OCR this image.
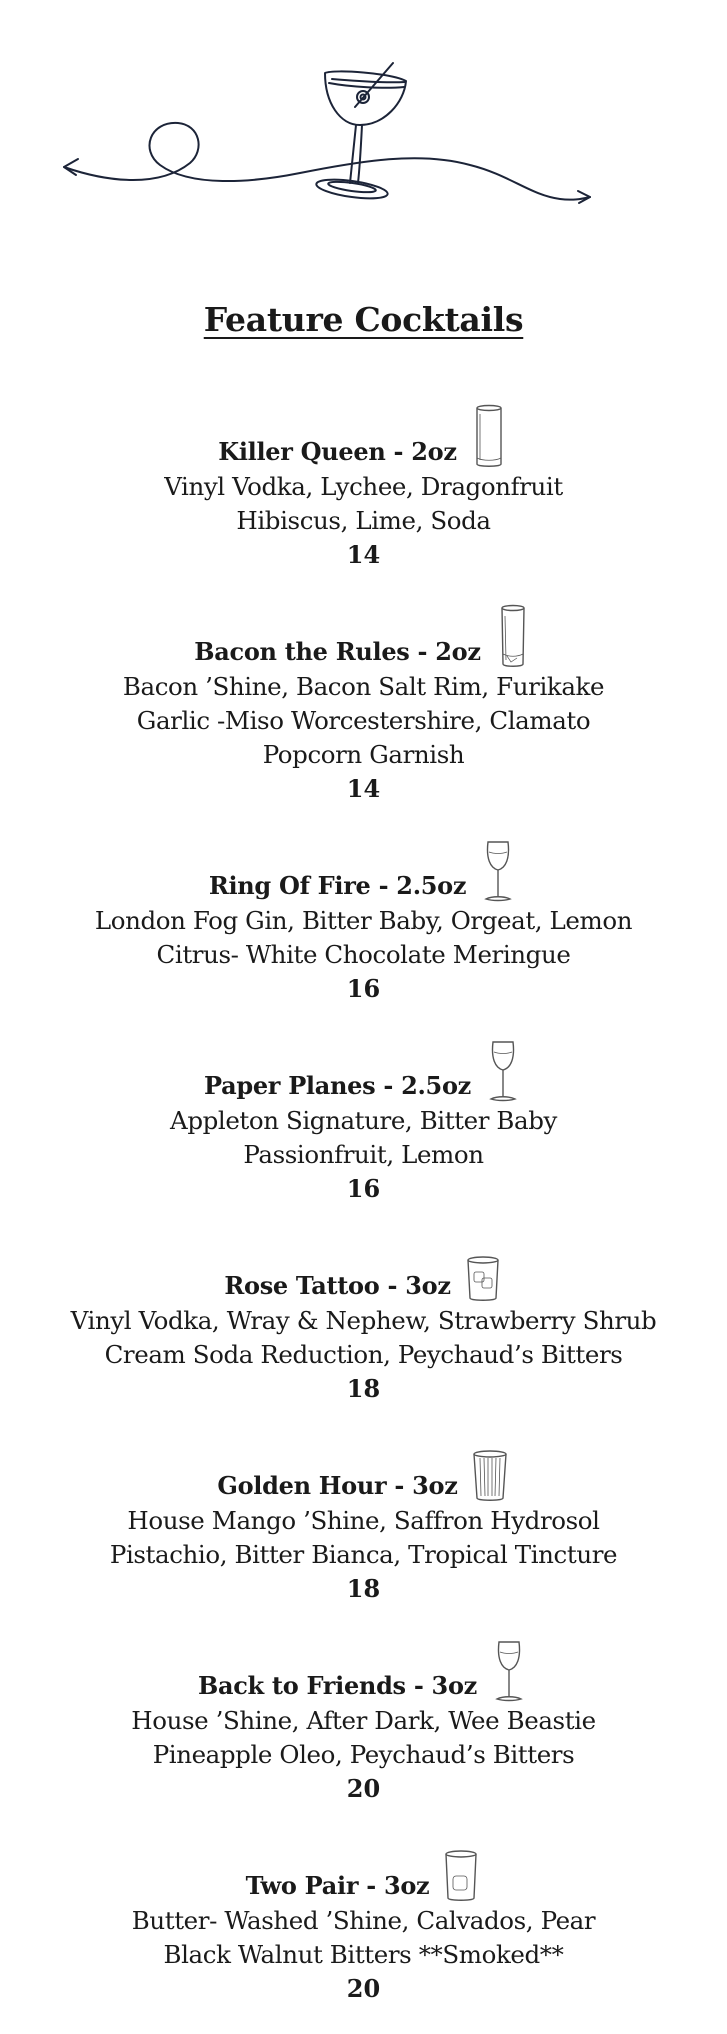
Feature Cocktails
Killer Queen - 2oz
Vinyl Vodka, Lychee, Dragonfruit
Hibiscus, Lime, Soda
14
Bacon the Rules - 2oz
Bacon ’Shine, Bacon Salt Rim, Furikake
Garlic -Miso Worcestershire, Clamato
Popcorn Garnish
14
Ring Of Fire - 2.5oz
London Fog Gin, Bitter Baby, Orgeat, Lemon
Citrus- White Chocolate Meringue
16
Paper Planes - 2.5oz
Appleton Signature, Bitter Baby
Passionfruit, Lemon
16
Rose Tattoo - 3oz
Vinyl Vodka, Wray & Nephew, Strawberry Shrub
Cream Soda Reduction, Peychaud’s Bitters
18
Golden Hour - 3oz
House Mango ’Shine, Saffron Hydrosol
Pistachio, Bitter Bianca, Tropical Tincture
18
Back to Friends - 3oz
House ’Shine, After Dark, Wee Beastie
Pineapple Oleo, Peychaud’s Bitters
20
Two Pair - 3oz
Butter- Washed ’Shine, Calvados, Pear
Black Walnut Bitters **Smoked**
20
